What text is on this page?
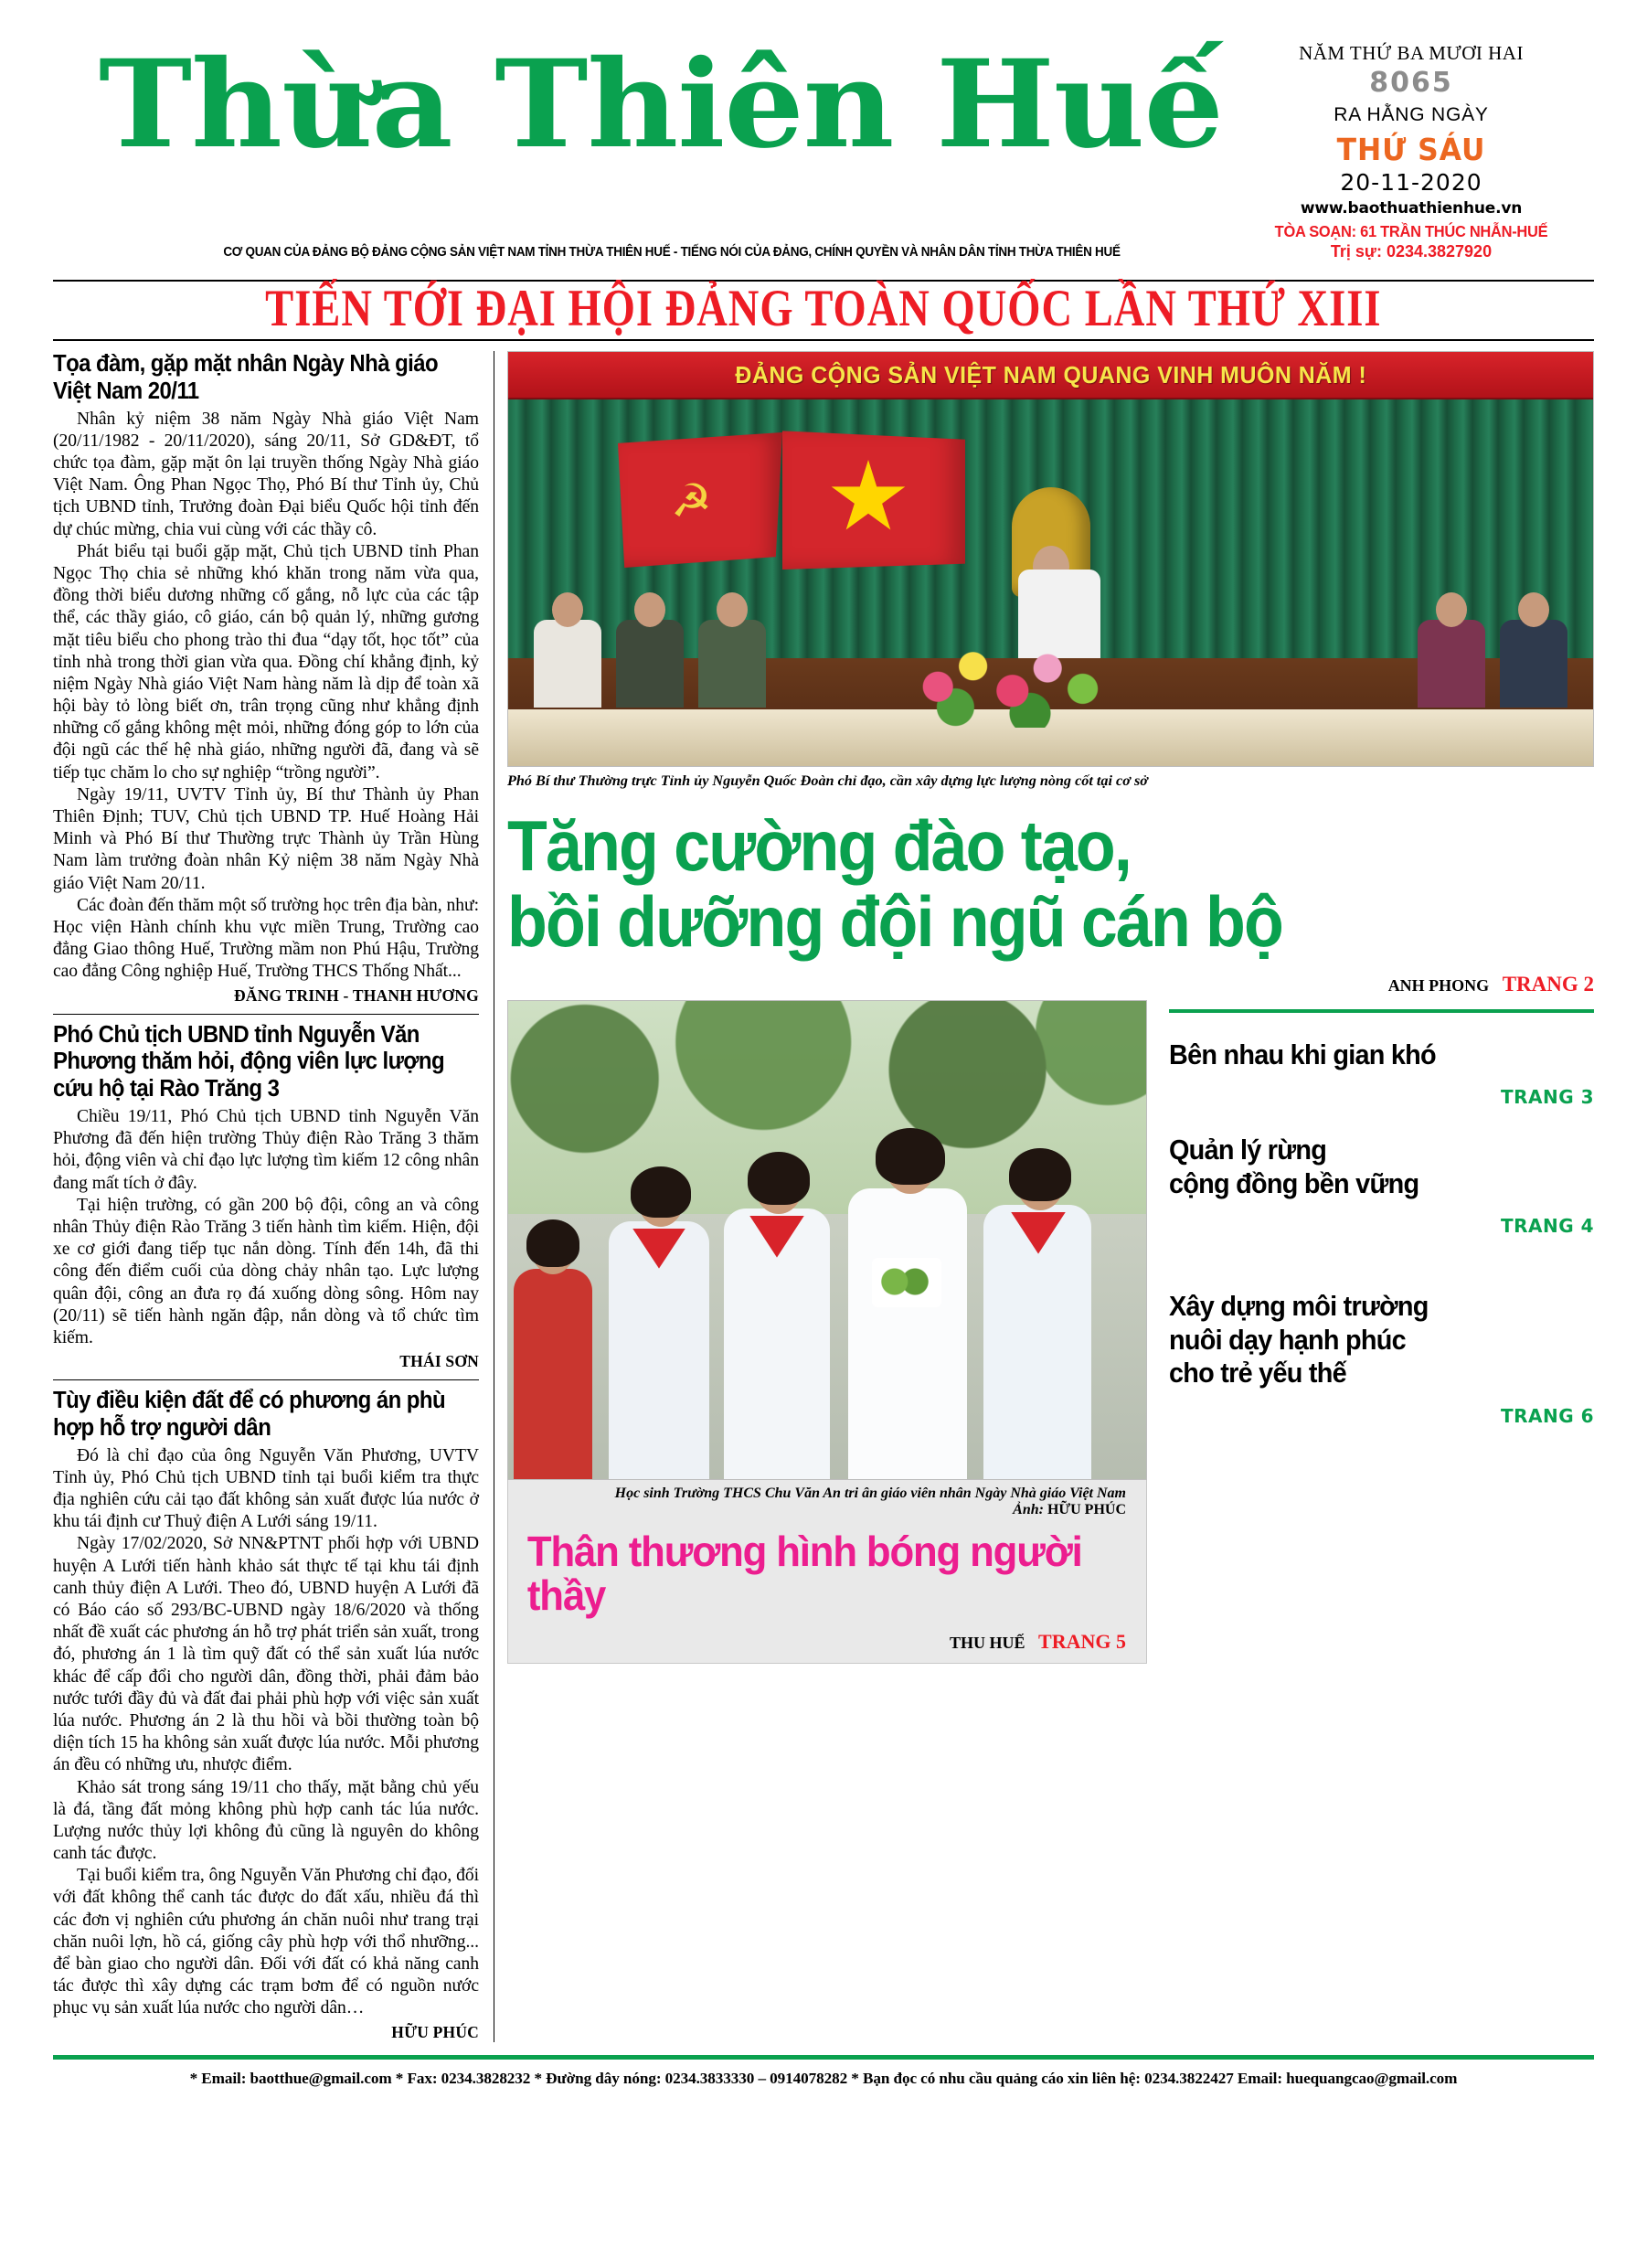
Thừa Thiên Huế
CƠ QUAN CỦA ĐẢNG BỘ ĐẢNG CỘNG SẢN VIỆT NAM TỈNH THỪA THIÊN HUẾ - TIẾNG NÓI CỦA ĐẢNG, CHÍNH QUYỀN VÀ NHÂN DÂN TỈNH THỪA THIÊN HUẾ
NĂM THỨ BA MƯƠI HAI
8065
RA HẰNG NGÀY
THỨ SÁU
20-11-2020
www.baothuathienhue.vn
TÒA SOẠN: 61 TRẦN THÚC NHẪN-HUẾ
Trị sự: 0234.3827920
TIẾN TỚI ĐẠI HỘI ĐẢNG TOÀN QUỐC LẦN THỨ XIII
Tọa đàm, gặp mặt nhân Ngày Nhà giáo Việt Nam 20/11

Nhân kỷ niệm 38 năm Ngày Nhà giáo Việt Nam (20/11/1982 - 20/11/2020), sáng 20/11, Sở GD&ĐT, tổ chức tọa đàm, gặp mặt ôn lại truyền thống Ngày Nhà giáo Việt Nam. Ông Phan Ngọc Thọ, Phó Bí thư Tỉnh ủy, Chủ tịch UBND tỉnh, Trưởng đoàn Đại biểu Quốc hội tỉnh đến dự chúc mừng, chia vui cùng với các thầy cô.

Phát biểu tại buổi gặp mặt, Chủ tịch UBND tỉnh Phan Ngọc Thọ chia sẻ những khó khăn trong năm vừa qua, đồng thời biểu dương những cố gắng, nỗ lực của các tập thể, các thầy giáo, cô giáo, cán bộ quản lý, những gương mặt tiêu biểu cho phong trào thi đua “dạy tốt, học tốt” của tỉnh nhà trong thời gian vừa qua. Đồng chí khẳng định, kỷ niệm Ngày Nhà giáo Việt Nam hàng năm là dịp để toàn xã hội bày tỏ lòng biết ơn, trân trọng cũng như khẳng định những cố gắng không mệt mỏi, những đóng góp to lớn của đội ngũ các thế hệ nhà giáo, những người đã, đang và sẽ tiếp tục chăm lo cho sự nghiệp “trồng người”.

Ngày 19/11, UVTV Tỉnh ủy, Bí thư Thành ủy Phan Thiên Định; TUV, Chủ tịch UBND TP. Huế Hoàng Hải Minh và Phó Bí thư Thường trực Thành ủy Trần Hùng Nam làm trưởng đoàn nhân Kỷ niệm 38 năm Ngày Nhà giáo Việt Nam 20/11.

Các đoàn đến thăm một số trường học trên địa bàn, như: Học viện Hành chính khu vực miền Trung, Trường cao đẳng Giao thông Huế, Trường mầm non Phú Hậu, Trường cao đẳng Công nghiệp Huế, Trường THCS Thống Nhất...

ĐĂNG TRINH - THANH HƯƠNG
Phó Chủ tịch UBND tỉnh Nguyễn Văn Phương thăm hỏi, động viên lực lượng cứu hộ tại Rào Trăng 3

Chiều 19/11, Phó Chủ tịch UBND tỉnh Nguyễn Văn Phương đã đến hiện trường Thủy điện Rào Trăng 3 thăm hỏi, động viên và chỉ đạo lực lượng tìm kiếm 12 công nhân đang mất tích ở đây.

Tại hiện trường, có gần 200 bộ đội, công an và công nhân Thủy điện Rào Trăng 3 tiến hành tìm kiếm. Hiện, đội xe cơ giới đang tiếp tục nắn dòng. Tính đến 14h, đã thi công đến điểm cuối của dòng chảy nhân tạo. Lực lượng quân đội, công an đưa rọ đá xuống dòng sông. Hôm nay (20/11) sẽ tiến hành ngăn đập, nắn dòng và tổ chức tìm kiếm.

THÁI SƠN
Tùy điều kiện đất để có phương án phù hợp hỗ trợ người dân

Đó là chỉ đạo của ông Nguyễn Văn Phương, UVTV Tỉnh ủy, Phó Chủ tịch UBND tỉnh tại buổi kiểm tra thực địa nghiên cứu cải tạo đất không sản xuất được lúa nước ở khu tái định cư Thuỷ điện A Lưới sáng 19/11.

Ngày 17/02/2020, Sở NN&PTNT phối hợp với UBND huyện A Lưới tiến hành khảo sát thực tế tại khu tái định canh thủy điện A Lưới. Theo đó, UBND huyện A Lưới đã có Báo cáo số 293/BC-UBND ngày 18/6/2020 và thống nhất đề xuất các phương án hỗ trợ phát triển sản xuất, trong đó, phương án 1 là tìm quỹ đất có thể sản xuất lúa nước khác để cấp đổi cho người dân, đồng thời, phải đảm bảo nước tưới đầy đủ và đất đai phải phù hợp với việc sản xuất lúa nước. Phương án 2 là thu hồi và bồi thường toàn bộ diện tích 15 ha không sản xuất được lúa nước. Mỗi phương án đều có những ưu, nhược điểm.

Khảo sát trong sáng 19/11 cho thấy, mặt bằng chủ yếu là đá, tầng đất mỏng không phù hợp canh tác lúa nước. Lượng nước thủy lợi không đủ cũng là nguyên do không canh tác được.

Tại buổi kiểm tra, ông Nguyễn Văn Phương chỉ đạo, đối với đất không thể canh tác được do đất xấu, nhiều đá thì các đơn vị nghiên cứu phương án chăn nuôi như trang trại chăn nuôi lợn, hồ cá, giống cây phù hợp với thổ nhưỡng... để bàn giao cho người dân. Đối với đất có khả năng canh tác được thì xây dựng các trạm bơm để có nguồn nước phục vụ sản xuất lúa nước cho người dân…

HỮU PHÚC
ĐẢNG CỘNG SẢN VIỆT NAM QUANG VINH MUÔN NĂM !
☭
Phó Bí thư Thường trực Tỉnh ủy Nguyễn Quốc Đoàn chỉ đạo, cần xây dựng lực lượng nòng cốt tại cơ sở
Tăng cường đào tạo,
bồi dưỡng đội ngũ cán bộ
ANH PHONG TRANG 2
Học sinh Trường THCS Chu Văn An tri ân giáo viên nhân Ngày Nhà giáo Việt Nam
Ảnh: HỮU PHÚC
Thân thương hình bóng người thầy
THU HUẾ TRANG 5
Bên nhau khi gian khó
TRANG 3
Quản lý rừng
cộng đồng bền vững
TRANG 4
Xây dựng môi trường
nuôi dạy hạnh phúc
cho trẻ yếu thế
TRANG 6
* Email: baotthue@gmail.com * Fax: 0234.3828232 * Đường dây nóng: 0234.3833330 – 0914078282 * Bạn đọc có nhu cầu quảng cáo xin liên hệ: 0234.3822427 Email: huequangcao@gmail.com
